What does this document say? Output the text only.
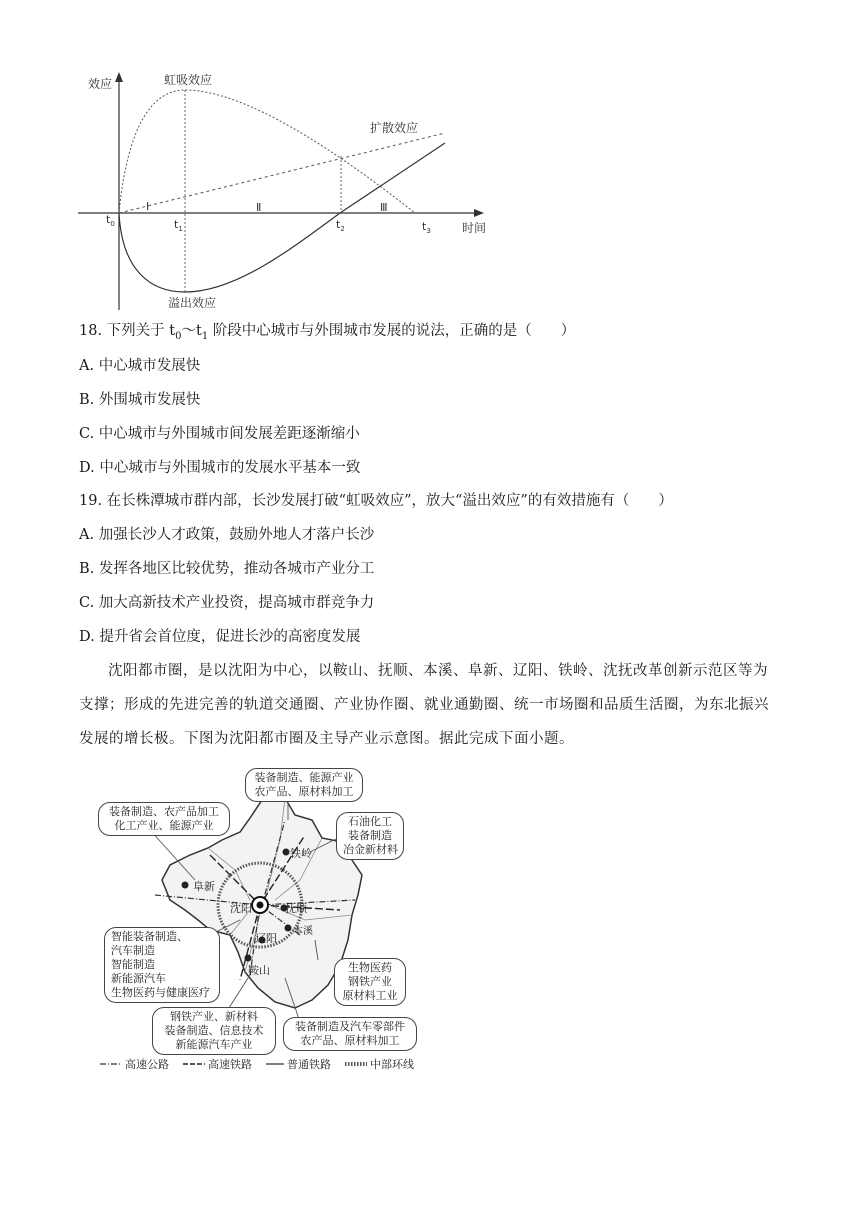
效应
时间
虹吸效应
扩散效应
溢出效应
Ⅰ	Ⅱ	Ⅲ
$t_0$	$t_1$	$t_2$	$t_3$
18. 下列关于 $t_0\sim t_1$ 阶段中心城市与外围城市发展的说法，正确的是（　　）
A. 中心城市发展快
B. 外围城市发展快
C. 中心城市与外围城市间发展差距逐渐缩小
D. 中心城市与外围城市的发展水平基本一致
19. 在长株潭城市群内部，长沙发展打破“虹吸效应”，放大“溢出效应”的有效措施有（　　）
A. 加强长沙人才政策，鼓励外地人才落户长沙
B. 发挥各地区比较优势，推动各城市产业分工
C. 加大高新技术产业投资，提高城市群竞争力
D. 提升省会首位度，促进长沙的高密度发展
沈阳都市圈，是以沈阳为中心，以鞍山、抚顺、本溪、阜新、辽阳、铁岭、沈抚改革创新示范区等为
支撑；形成的先进完善的轨道交通圈、产业协作圈、就业通勤圈、统一市场圈和品质生活圈，为东北振兴
发展的增长极。下图为沈阳都市圈及主导产业示意图。据此完成下面小题。
沈阳	抚顺
铁岭
阜新
辽阳
本溪
鞍山
装备制造、能源产业
农产品、原材料加工
装备制造、农产品加工
化工产业、能源产业	石油化工
装备制造
冶金新材料
智能装备制造、
汽车制造
智能制造
新能源汽车
生物医药与健康医疗
生物医药
钢铁产业
原材料工业
钢铁产业、新材料
装备制造、信息技术
新能源汽车产业
装备制造及汽车零部件
农产品、原材料加工
高速公路	高速铁路	普通铁路	中部环线
